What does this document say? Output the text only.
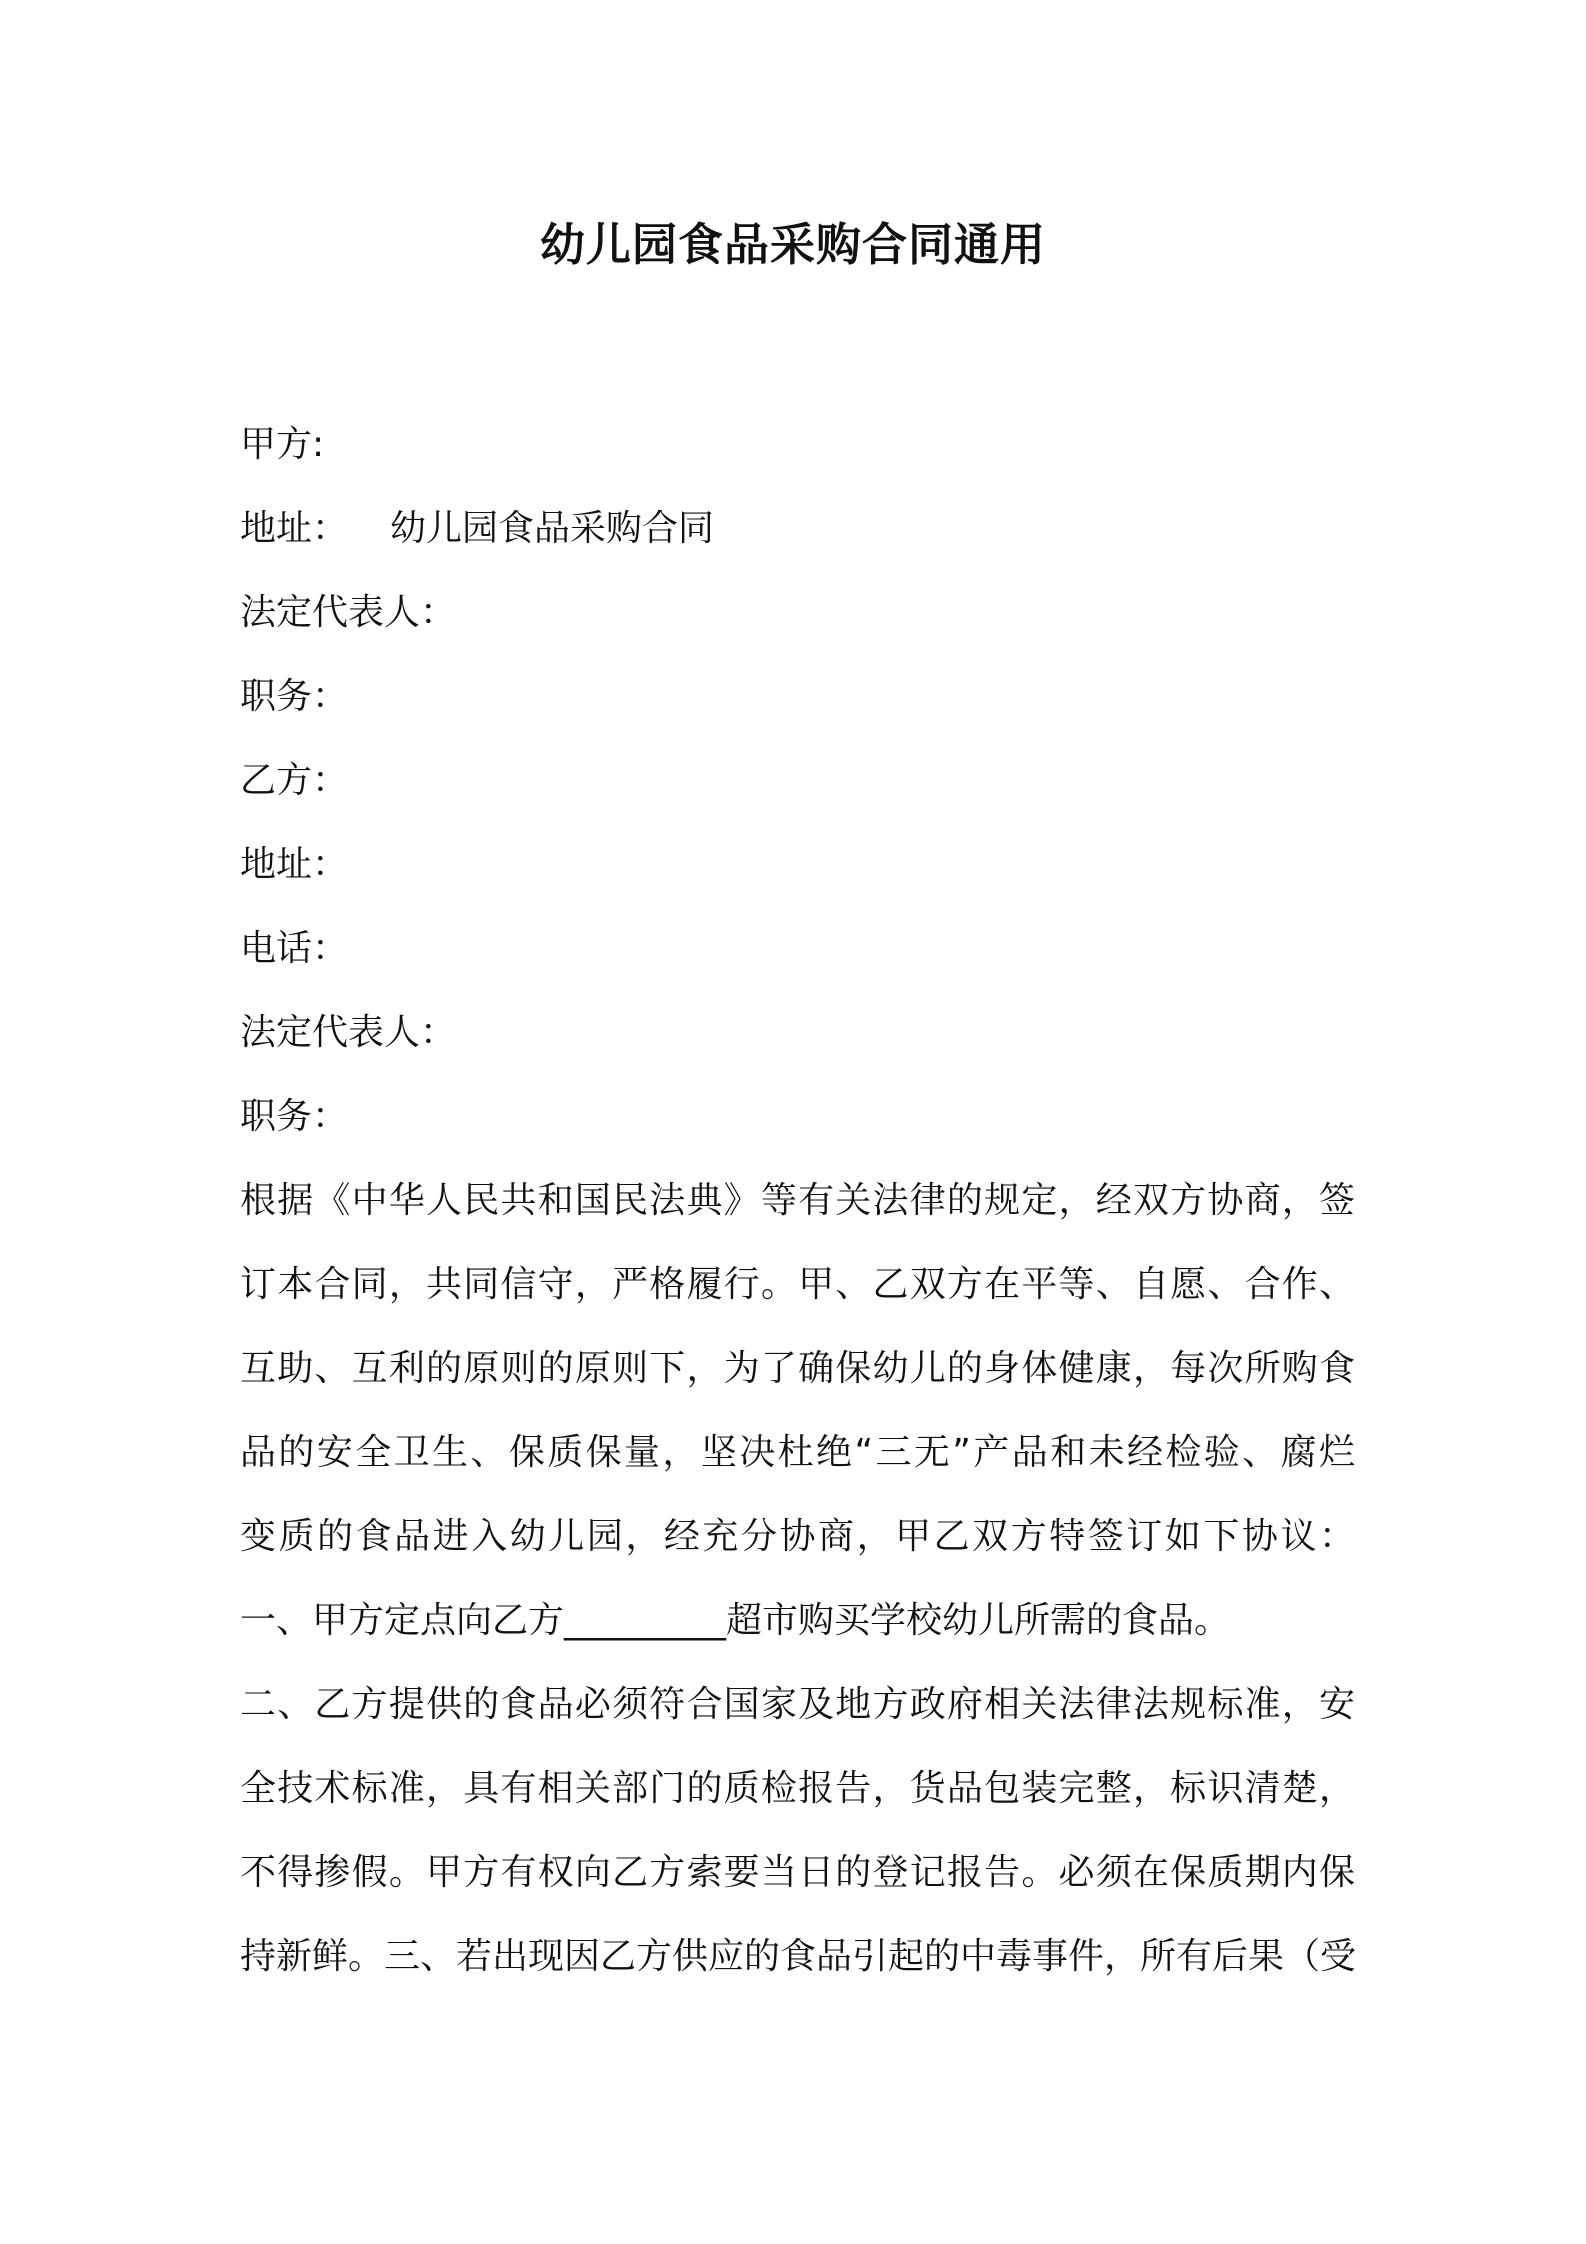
幼儿园食品采购合同通用
甲方:
地址： 幼儿园食品采购合同
法定代表人：
职务：
乙方：
地址：
电话：
法定代表人：
职务：
根据《中华人民共和国民法典》等有关法律的规定，经双方协商，签
订本合同，共同信守，严格履行。甲、乙双方在平等、自愿、合作、
互助、互利的原则的原则下，为了确保幼儿的身体健康，每次所购食
品的安全卫生、保质保量，坚决杜绝“三无”产品和未经检验、腐烂
变质的食品进入幼儿园，经充分协商，甲乙双方特签订如下协议：
一、甲方定点向乙方_________超市购买学校幼儿所需的食品。
二、乙方提供的食品必须符合国家及地方政府相关法律法规标准，安
全技术标准，具有相关部门的质检报告，货品包装完整，标识清楚，
不得掺假。甲方有权向乙方索要当日的登记报告。必须在保质期内保
持新鲜。三、若出现因乙方供应的食品引起的中毒事件，所有后果（受
